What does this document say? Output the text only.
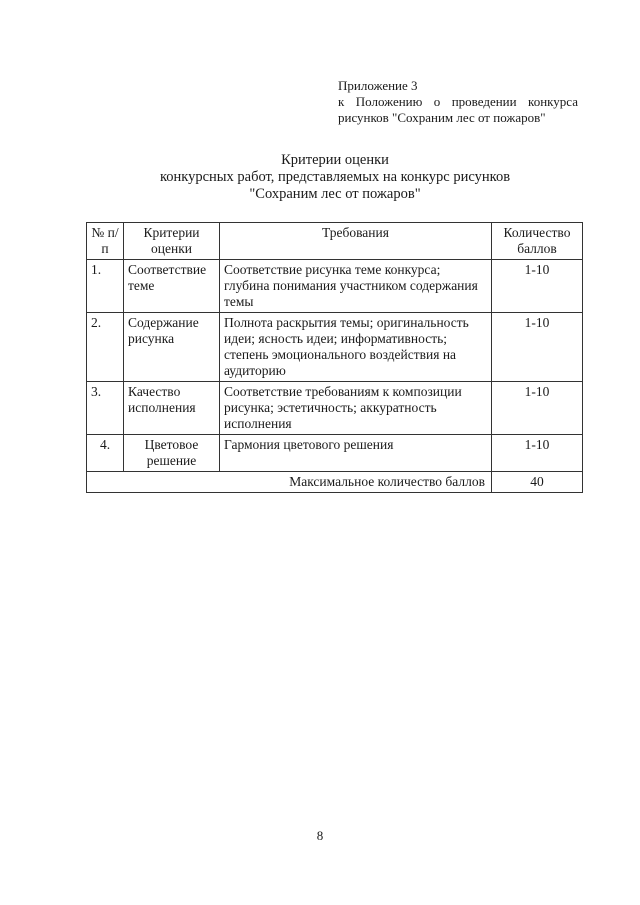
Приложение 3
к Положению о проведении конкурса
рисунков "Сохраним лес от пожаров"
Критерии оценки
конкурсных работ, представляемых на конкурс рисунков
"Сохраним лес от пожаров"
№ п/п	Критерии оценки	Требования	Количество баллов
1.	Соответствие теме	Соответствие рисунка теме конкурса; глубина понимания участником содержания темы	1-10
2.	Содержание рисунка	Полнота раскрытия темы; оригинальность идеи; ясность идеи; информативность; степень эмоционального воздействия на аудиторию	1-10
3.	Качество исполнения	Соответствие требованиям к композиции рисунка; эстетичность; аккуратность исполнения	1-10
4.	Цветовое решение	Гармония цветового решения	1-10
Максимальное количество баллов			40
8
